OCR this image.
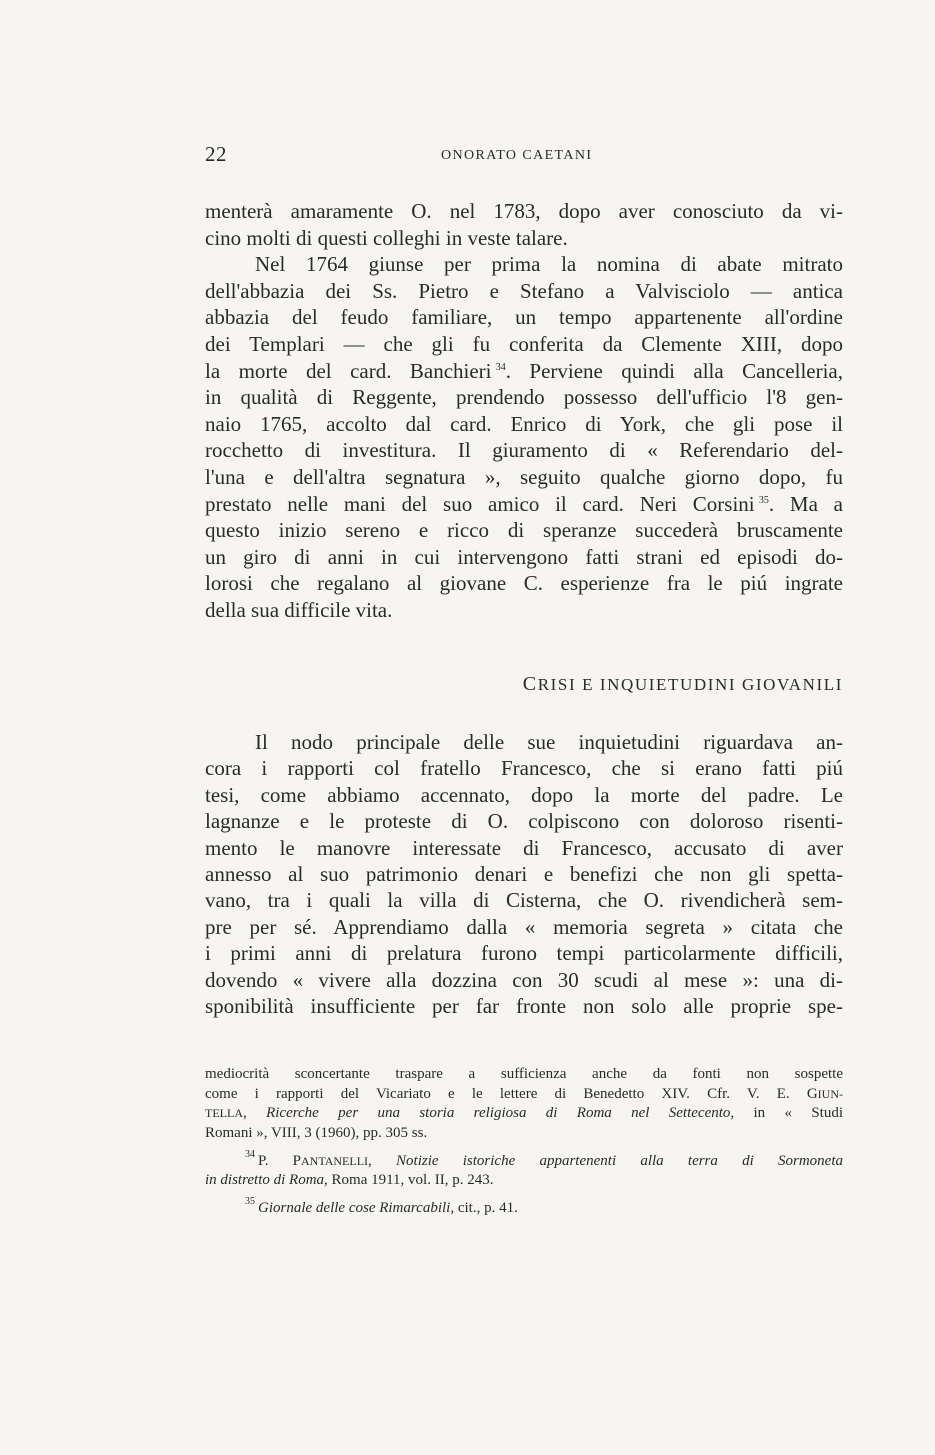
22	ONORATO CAETANI
menterà amaramente O. nel 1783, dopo aver conosciuto da vi-
cino molti di questi colleghi in veste talare.
Nel 1764 giunse per prima la nomina di abate mitrato
dell'abbazia dei Ss. Pietro e Stefano a Valvisciolo — antica
abbazia del feudo familiare, un tempo appartenente all'ordine
dei Templari — che gli fu conferita da Clemente XIII, dopo
la morte del card. Banchieri  $^{34}$. Perviene quindi alla Cancelleria,
in qualità di Reggente, prendendo possesso dell'ufficio l'8 gen-
naio 1765, accolto dal card. Enrico di York, che gli pose il
rocchetto di investitura. Il giuramento di « Referendario del-
l'una e dell'altra segnatura », seguito qualche giorno dopo, fu
prestato nelle mani del suo amico il card. Neri Corsini  $^{35}$. Ma a
questo inizio sereno e ricco di speranze succederà bruscamente
un giro di anni in cui intervengono fatti strani ed episodi do-
lorosi che regalano al giovane C. esperienze fra le piú ingrate
della sua difficile vita.
CRISI E INQUIETUDINI GIOVANILI
Il nodo principale delle sue inquietudini riguardava an-
cora i rapporti col fratello Francesco, che si erano fatti piú
tesi, come abbiamo accennato, dopo la morte del padre. Le
lagnanze e le proteste di O. colpiscono con doloroso risenti-
mento le manovre interessate di Francesco, accusato di aver
annesso al suo patrimonio denari e benefizi che non gli spetta-
vano, tra i quali la villa di Cisterna, che O. rivendicherà sem-
pre per sé. Apprendiamo dalla « memoria segreta » citata che
i primi anni di prelatura furono tempi particolarmente difficili,
dovendo « vivere alla dozzina con 30 scudi al mese »: una di-
sponibilità insufficiente per far fronte non solo alle proprie spe-
mediocrità sconcertante traspare a sufficienza anche da fonti non sospette
come i rapporti del Vicariato e le lettere di Benedetto XIV. Cfr. V. E. GIUN-
TELLA, Ricerche per una storia religiosa di Roma nel Settecento, in « Studi
Romani », VIII, 3 (1960), pp. 305 ss.
$^{34}$  P. PANTANELLI, Notizie istoriche appartenenti alla terra di Sormoneta
in distretto di Roma, Roma 1911, vol. II, p. 243.
$^{35}$  Giornale delle cose Rimarcabili, cit., p. 41.
